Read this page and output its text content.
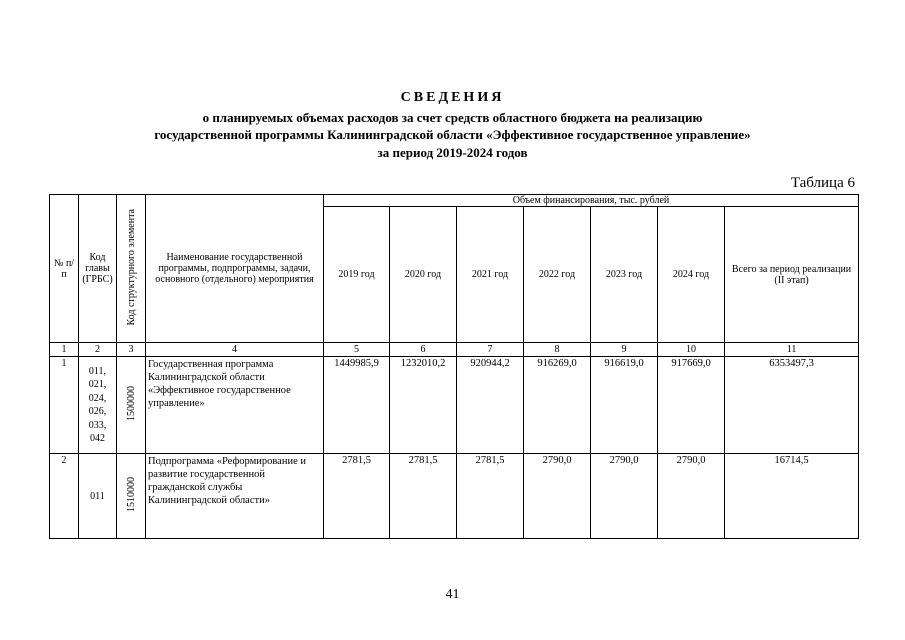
СВЕДЕНИЯ
о планируемых объемах расходов за счет средств областного бюджета на реализацию
государственной программы Калининградской области «Эффективное государственное управление»
за период 2019-2024 годов
Таблица 6
№ п/п	Код главы (ГРБС)	Код структурного элемента	Наименование государственной программы, подпрограммы, задачи, основного (отдельного) мероприятия	Объем финансирования, тыс. рублей						
				2019 год	2020 год	2021 год	2022 год	2023 год	2024 год	Всего за период реализации (II этап)
1	2	3	4	5	6	7	8	9	10	11
1	011, 021, 024, 026, 033, 042	1500000	Государственная программа Калининградской области «Эффективное государственное управление»	1449985,9	1232010,2	920944,2	916269,0	916619,0	917669,0	6353497,3
2	011	1510000	Подпрограмма «Реформирование и развитие государственной гражданской службы Калининградской области»	2781,5	2781,5	2781,5	2790,0	2790,0	2790,0	16714,5
41
